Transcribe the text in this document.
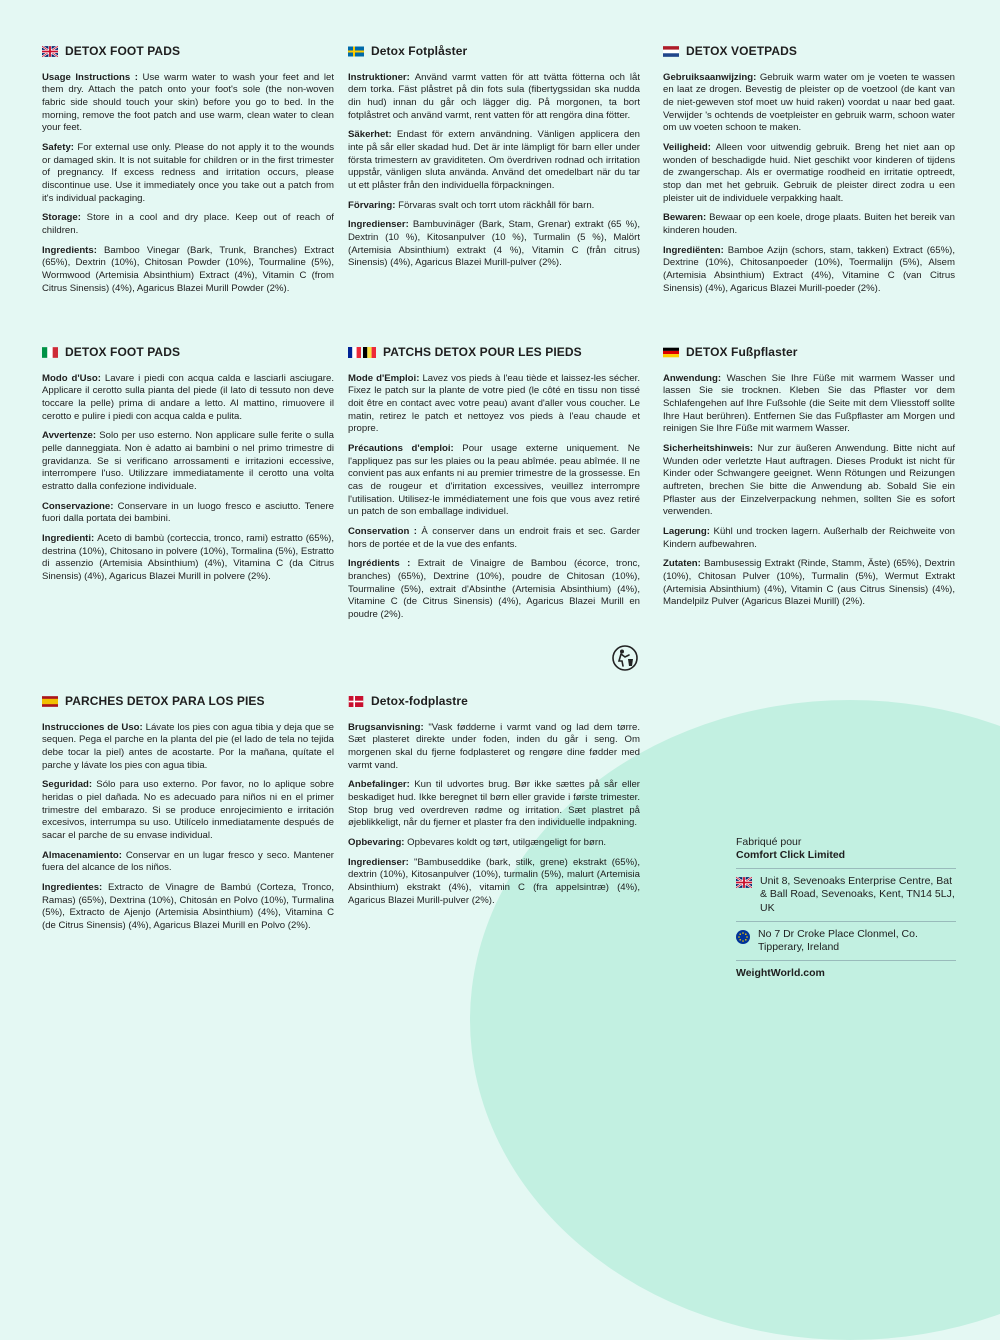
DETOX FOOT PADS

Usage Instructions : Use warm water to wash your feet and let them dry. Attach the patch onto your foot's sole (the non-woven fabric side should touch your skin) before you go to bed. In the morning, remove the foot patch and use warm, clean water to clean your feet.

Safety: For external use only. Please do not apply it to the wounds or damaged skin. It is not suitable for children or in the first trimester of pregnancy. If excess redness and irritation occurs, please discontinue use. Use it immediately once you take out a patch from it's individual packaging.

Storage: Store in a cool and dry place. Keep out of reach of children.

Ingredients: Bamboo Vinegar (Bark, Trunk, Branches) Extract (65%), Dextrin (10%), Chitosan Powder (10%), Tourmaline (5%), Wormwood (Artemisia Absinthium) Extract (4%), Vitamin C (from Citrus Sinensis) (4%), Agaricus Blazei Murill Powder (2%).

Detox Fotplåster

Instruktioner: Använd varmt vatten för att tvätta fötterna och låt dem torka. Fäst plåstret på din fots sula (fibertygssidan ska nudda din hud) innan du går och lägger dig. På morgonen, ta bort fotplåstret och använd varmt, rent vatten för att rengöra dina fötter.

Säkerhet: Endast för extern användning. Vänligen applicera den inte på sår eller skadad hud. Det är inte lämpligt för barn eller under första trimestern av graviditeten. Om överdriven rodnad och irritation uppstår, vänligen sluta använda. Använd det omedelbart när du tar ut ett plåster från den individuella förpackningen.

Förvaring: Förvaras svalt och torrt utom räckhåll för barn.

Ingredienser: Bambuvinäger (Bark, Stam, Grenar) extrakt (65 %), Dextrin (10 %), Kitosanpulver (10 %), Turmalin (5 %), Malört (Artemisia Absinthium) extrakt (4 %), Vitamin C (från citrus) Sinensis) (4%), Agaricus Blazei Murill-pulver (2%).

DETOX VOETPADS

Gebruiksaanwijzing: Gebruik warm water om je voeten te wassen en laat ze drogen. Bevestig de pleister op de voetzool (de kant van de niet-geweven stof moet uw huid raken) voordat u naar bed gaat. Verwijder 's ochtends de voetpleister en gebruik warm, schoon water om uw voeten schoon te maken.

Veiligheid: Alleen voor uitwendig gebruik. Breng het niet aan op wonden of beschadigde huid. Niet geschikt voor kinderen of tijdens de zwangerschap. Als er overmatige roodheid en irritatie optreedt, stop dan met het gebruik. Gebruik de pleister direct zodra u een pleister uit de individuele verpakking haalt.

Bewaren: Bewaar op een koele, droge plaats. Buiten het bereik van kinderen houden.

Ingrediënten: Bamboe Azijn (schors, stam, takken) Extract (65%), Dextrine (10%), Chitosanpoeder (10%), Toermalijn (5%), Alsem (Artemisia Absinthium) Extract (4%), Vitamine C (van Citrus Sinensis) (4%), Agaricus Blazei Murill-poeder (2%).

DETOX FOOT PADS

Modo d'Uso: Lavare i piedi con acqua calda e lasciarli asciugare. Applicare il cerotto sulla pianta del piede (il lato di tessuto non deve toccare la pelle) prima di andare a letto. Al mattino, rimuovere il cerotto e pulire i piedi con acqua calda e pulita.

Avvertenze: Solo per uso esterno. Non applicare sulle ferite o sulla pelle danneggiata. Non è adatto ai bambini o nel primo trimestre di gravidanza. Se si verificano arrossamenti e irritazioni eccessive, interrompere l'uso. Utilizzare immediatamente il cerotto una volta estratto dalla confezione individuale.

Conservazione: Conservare in un luogo fresco e asciutto. Tenere fuori dalla portata dei bambini.

Ingredienti: Aceto di bambù (corteccia, tronco, rami) estratto (65%), destrina (10%), Chitosano in polvere (10%), Tormalina (5%), Estratto di assenzio (Artemisia Absinthium) (4%), Vitamina C (da Citrus Sinensis) (4%), Agaricus Blazei Murill in polvere (2%).

PATCHS DETOX POUR LES PIEDS

Mode d'Emploi: Lavez vos pieds à l'eau tiède et laissez-les sécher. Fixez le patch sur la plante de votre pied (le côté en tissu non tissé doit être en contact avec votre peau) avant d'aller vous coucher. Le matin, retirez le patch et nettoyez vos pieds à l'eau chaude et propre.

Précautions d'emploi: Pour usage externe uniquement. Ne l'appliquez pas sur les plaies ou la peau abîmée. peau abîmée. Il ne convient pas aux enfants ni au premier trimestre de la grossesse. En cas de rougeur et d'irritation excessives, veuillez interrompre l'utilisation. Utilisez-le immédiatement une fois que vous avez retiré un patch de son emballage individuel.

Conservation : À conserver dans un endroit frais et sec. Garder hors de portée et de la vue des enfants.

Ingrédients : Extrait de Vinaigre de Bambou (écorce, tronc, branches) (65%), Dextrine (10%), poudre de Chitosan (10%), Tourmaline (5%), extrait d'Absinthe (Artemisia Absinthium) (4%), Vitamine C (de Citrus Sinensis) (4%), Agaricus Blazei Murill en poudre (2%).

DETOX Fußpflaster

Anwendung: Waschen Sie Ihre Füße mit warmem Wasser und lassen Sie sie trocknen. Kleben Sie das Pflaster vor dem Schlafengehen auf Ihre Fußsohle (die Seite mit dem Vliesstoff sollte Ihre Haut berühren). Entfernen Sie das Fußpflaster am Morgen und reinigen Sie Ihre Füße mit warmem Wasser.

Sicherheitshinweis: Nur zur äußeren Anwendung. Bitte nicht auf Wunden oder verletzte Haut auftragen. Dieses Produkt ist nicht für Kinder oder Schwangere geeignet. Wenn Rötungen und Reizungen auftreten, brechen Sie bitte die Anwendung ab. Sobald Sie ein Pflaster aus der Einzelverpackung nehmen, sollten Sie es sofort verwenden.

Lagerung: Kühl und trocken lagern. Außerhalb der Reichweite von Kindern aufbewahren.

Zutaten: Bambusessig Extrakt (Rinde, Stamm, Äste) (65%), Dextrin (10%), Chitosan Pulver (10%), Turmalin (5%), Wermut Extrakt (Artemisia Absinthium) (4%), Vitamin C (aus Citrus Sinensis) (4%), Mandelpilz Pulver (Agaricus Blazei Murill) (2%).

PARCHES DETOX PARA LOS PIES

Instrucciones de Uso: Lávate los pies con agua tibia y deja que se sequen. Pega el parche en la planta del pie (el lado de tela no tejida debe tocar la piel) antes de acostarte. Por la mañana, quítate el parche y lávate los pies con agua tibia.

Seguridad: Sólo para uso externo. Por favor, no lo aplique sobre heridas o piel dañada. No es adecuado para niños ni en el primer trimestre del embarazo. Si se produce enrojecimiento e irritación excesivos, interrumpa su uso. Utilícelo inmediatamente después de sacar el parche de su envase individual.

Almacenamiento: Conservar en un lugar fresco y seco. Mantener fuera del alcance de los niños.

Ingredientes: Extracto de Vinagre de Bambú (Corteza, Tronco, Ramas) (65%), Dextrina (10%), Chitosán en Polvo (10%), Turmalina (5%), Extracto de Ajenjo (Artemisia Absinthium) (4%), Vitamina C (de Citrus Sinensis) (4%), Agaricus Blazei Murill en Polvo (2%).

Detox-fodplastre

Brugsanvisning: "Vask fødderne i varmt vand og lad dem tørre. Sæt plasteret direkte under foden, inden du går i seng. Om morgenen skal du fjerne fodplasteret og rengøre dine fødder med varmt vand.

Anbefalinger: Kun til udvortes brug. Bør ikke sættes på sår eller beskadiget hud. Ikke beregnet til børn eller gravide i første trimester. Stop brug ved overdreven rødme og irritation. Sæt plastret på øjeblikkeligt, når du fjerner et plaster fra den individuelle indpakning.

Opbevaring: Opbevares koldt og tørt, utilgængeligt for børn.

Ingredienser: "Bambuseddike (bark, stilk, grene) ekstrakt (65%), dextrin (10%), Kitosanpulver (10%), turmalin (5%), malurt (Artemisia Absinthium) ekstrakt (4%), vitamin C (fra appelsintræ) (4%), Agaricus Blazei Murill-pulver (2%).

Fabriqué pour
Comfort Click Limited
Unit 8, Sevenoaks Enterprise Centre, Bat & Ball Road, Sevenoaks, Kent, TN14 5LJ, UK
No 7 Dr Croke Place Clonmel, Co. Tipperary, Ireland
WeightWorld.com
